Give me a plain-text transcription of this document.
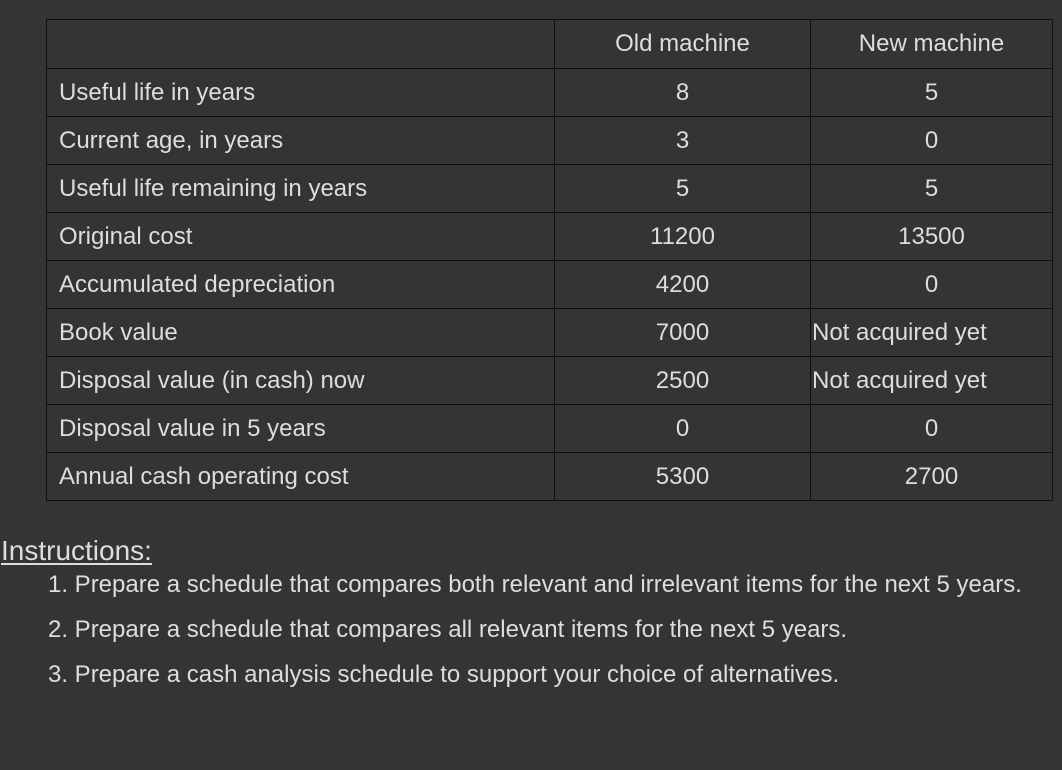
	Old machine	New machine
Useful life in years	8	5
Current age, in years	3	0
Useful life remaining in years	5	5
Original cost	11200	13500
Accumulated depreciation	4200	0
Book value	7000	Not acquired yet
Disposal value (in cash) now	2500	Not acquired yet
Disposal value in 5 years	0	0
Annual cash operating cost	5300	2700
Instructions:
1. Prepare a schedule that compares both relevant and irrelevant items for the next 5 years.
2. Prepare a schedule that compares all relevant items for the next 5 years.
3. Prepare a cash analysis schedule to support your choice of alternatives.
